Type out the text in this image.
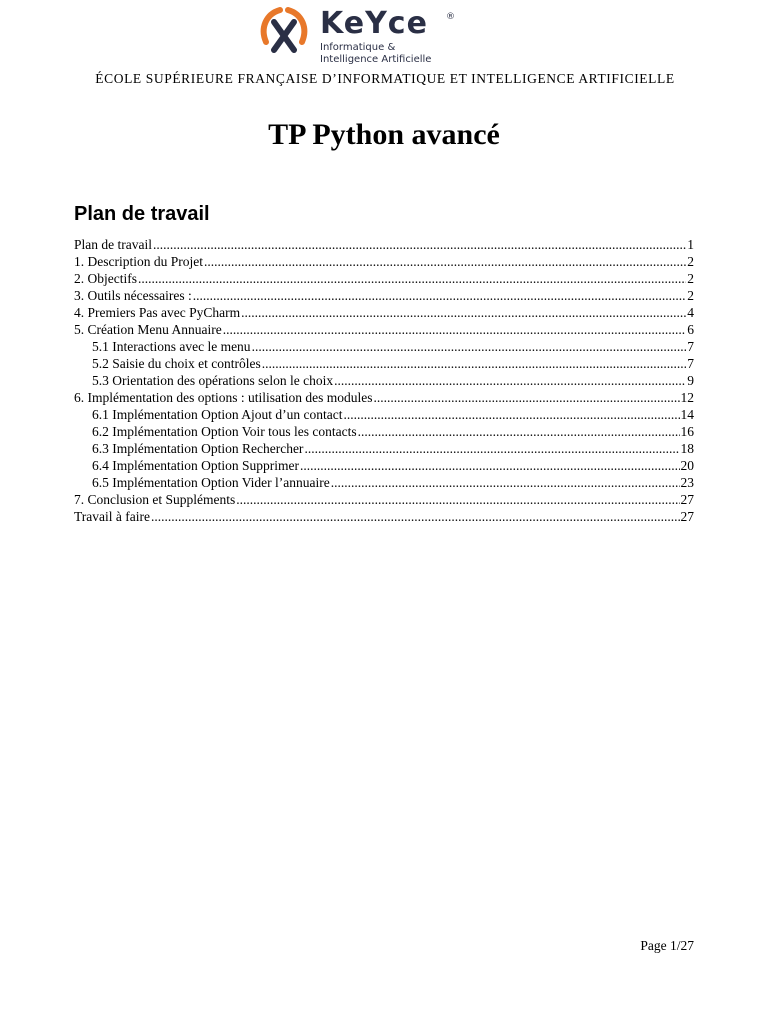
KeYce ®
Informatique &
Intelligence Artificielle
ÉCOLE SUPÉRIEURE FRANÇAISE D’INFORMATIQUE ET INTELLIGENCE ARTIFICIELLE
TP Python avancé
Plan de travail
Plan de travail .....	1
1. Description du Projet .....	2
2. Objectifs .....	2
3. Outils nécessaires : .....	2
4. Premiers Pas avec PyCharm .....	4
5. Création Menu Annuaire .....	6
5.1 Interactions avec le menu .....	7
5.2 Saisie du choix et contrôles .....	7
5.3 Orientation des opérations selon le choix .....	9
6. Implémentation des options : utilisation des modules .....	12
6.1 Implémentation Option Ajout d’un contact .....	14
6.2 Implémentation Option Voir tous les contacts .....	16
6.3 Implémentation Option Rechercher .....	18
6.4 Implémentation Option Supprimer .....	20
6.5 Implémentation Option Vider l’annuaire .....	23
7. Conclusion et Suppléments .....	27
Travail à faire .....	27
Page 1/27
